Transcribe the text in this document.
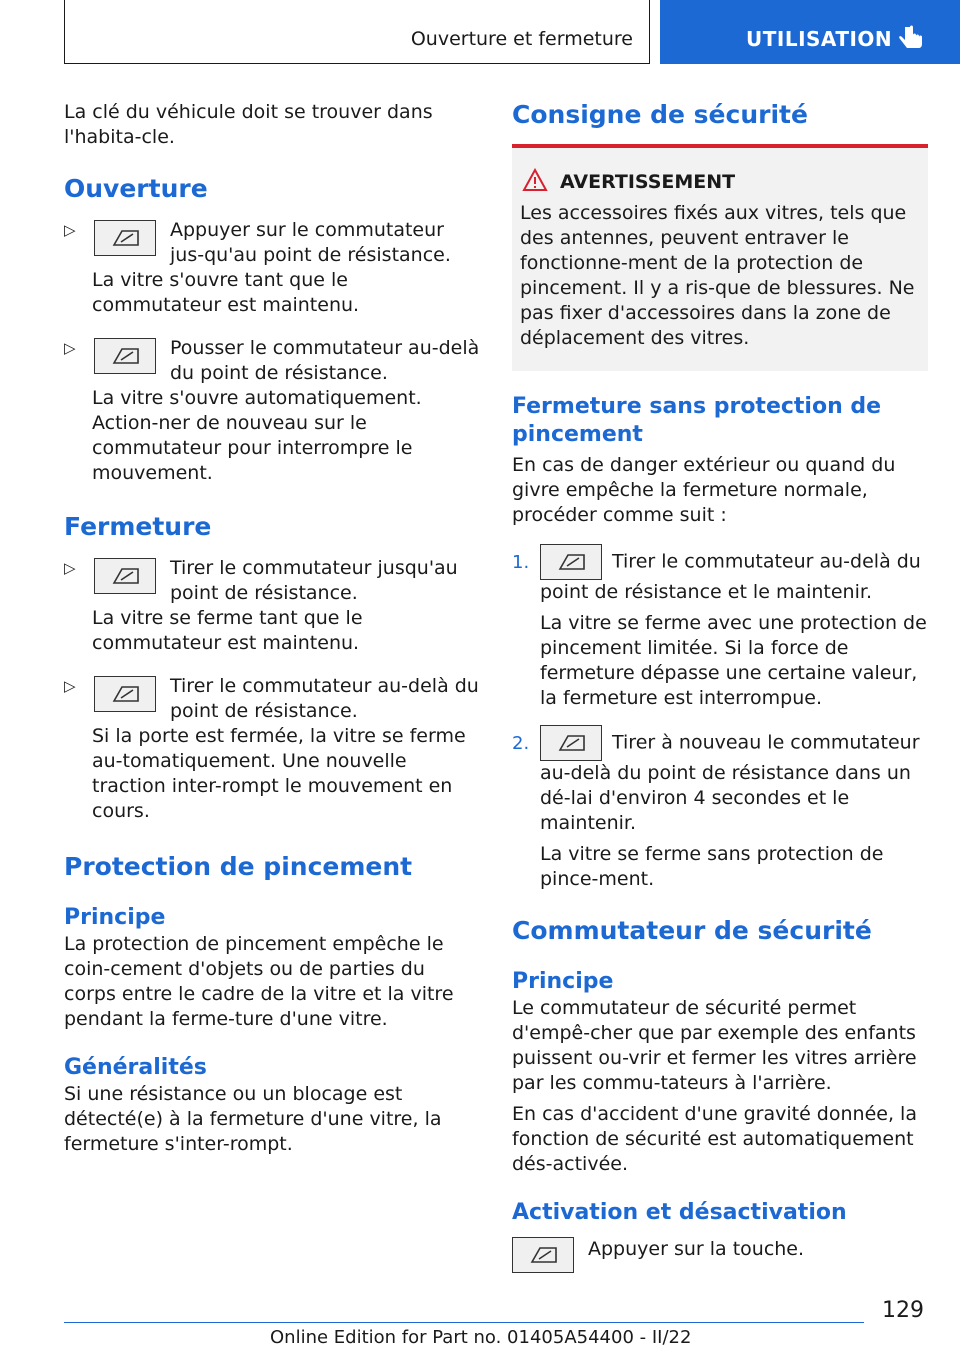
Ouverture et fermeture	UTILISATION

La clé du véhicule doit se trouver dans l'habita-cle.

Ouverture
▷	Appuyer sur le commutateur jus-qu'au point de résistance.

La vitre s'ouvre tant que le commutateur est maintenu.

▷	Pousser le commutateur au-delà du point de résistance.

La vitre s'ouvre automatiquement. Action-ner de nouveau sur le commutateur pour interrompre le mouvement.

Fermeture
▷	Tirer le commutateur jusqu'au point de résistance.

La vitre se ferme tant que le commutateur est maintenu.

▷	Tirer le commutateur au-delà du point de résistance.

Si la porte est fermée, la vitre se ferme au-tomatiquement. Une nouvelle traction inter-rompt le mouvement en cours.

Protection de pincement
Principe

La protection de pincement empêche le coin-cement d'objets ou de parties du corps entre le cadre de la vitre et la vitre pendant la ferme-ture d'une vitre.

Généralités

Si une résistance ou un blocage est détecté(e) à la fermeture d'une vitre, la fermeture s'inter-rompt.

Consigne de sécurité
AVERTISSEMENT

Les accessoires fixés aux vitres, tels que des antennes, peuvent entraver le fonctionne-ment de la protection de pincement. Il y a ris-que de blessures. Ne pas fixer d'accessoires dans la zone de déplacement des vitres.

Fermeture sans protection de pincement

En cas de danger extérieur ou quand du givre empêche la fermeture normale, procéder comme suit :

1.	Tirer le commutateur au-delà du point de résistance et le maintenir.

La vitre se ferme avec une protection de pincement limitée. Si la force de fermeture dépasse une certaine valeur, la fermeture est interrompue.

2.	Tirer à nouveau le commutateur au-delà du point de résistance dans un dé-lai d'environ 4 secondes et le maintenir.

La vitre se ferme sans protection de pince-ment.

Commutateur de sécurité
Principe

Le commutateur de sécurité permet d'empê-cher que par exemple des enfants puissent ou-vrir et fermer les vitres arrière par les commu-tateurs à l'arrière.

En cas d'accident d'une gravité donnée, la fonction de sécurité est automatiquement dés-activée.

Activation et désactivation

Appuyer sur la touche.

129
Online Edition for Part no. 01405A54400 - II/22
